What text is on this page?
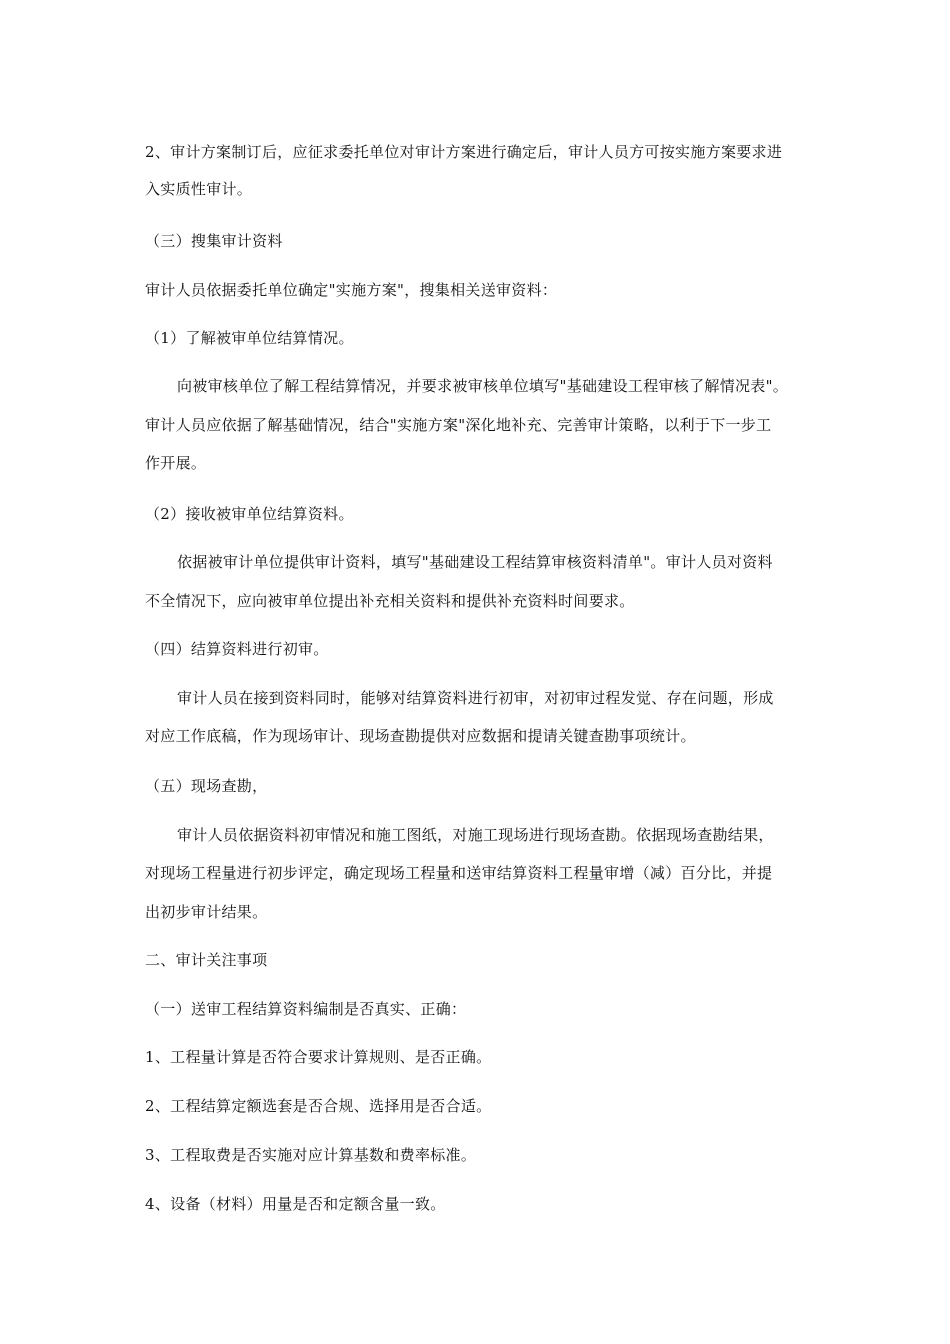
2、审计方案制订后，应征求委托单位对审计方案进行确定后，审计人员方可按实施方案要求进
入实质性审计。
（三）搜集审计资料
审计人员依据委托单位确定"实施方案"，搜集相关送审资料：
（1）了解被审单位结算情况。
向被审核单位了解工程结算情况，并要求被审核单位填写"基础建设工程审核了解情况表"。
审计人员应依据了解基础情况，结合"实施方案"深化地补充、完善审计策略，以利于下一步工
作开展。
（2）接收被审单位结算资料。
依据被审计单位提供审计资料，填写"基础建设工程结算审核资料清单"。审计人员对资料
不全情况下，应向被审单位提出补充相关资料和提供补充资料时间要求。
（四）结算资料进行初审。
审计人员在接到资料同时，能够对结算资料进行初审，对初审过程发觉、存在问题，形成
对应工作底稿，作为现场审计、现场查勘提供对应数据和提请关键查勘事项统计。
（五）现场查勘，
审计人员依据资料初审情况和施工图纸，对施工现场进行现场查勘。依据现场查勘结果，
对现场工程量进行初步评定，确定现场工程量和送审结算资料工程量审增（减）百分比，并提
出初步审计结果。
二、审计关注事项
（一）送审工程结算资料编制是否真实、正确：
1、工程量计算是否符合要求计算规则、是否正确。
2、工程结算定额选套是否合规、选择用是否合适。
3、工程取费是否实施对应计算基数和费率标准。
4、设备（材料）用量是否和定额含量一致。
